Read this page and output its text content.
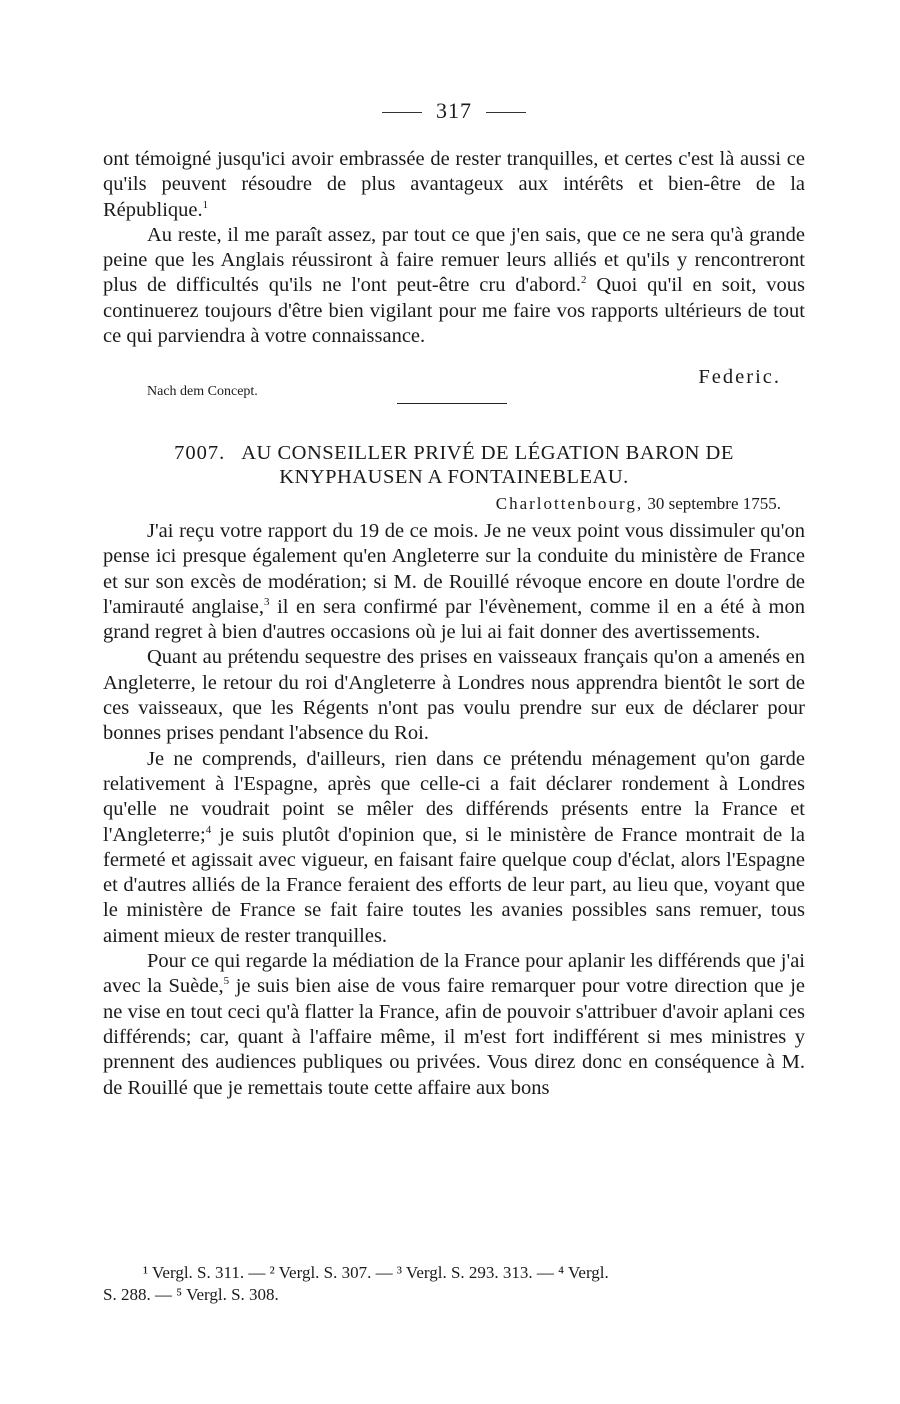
317

ont témoigné jusqu'ici avoir embrassée de rester tranquilles, et certes c'est là aussi ce qu'ils peuvent résoudre de plus avantageux aux intérêts et bien-être de la République.$^1$

Au reste, il me paraît assez, par tout ce que j'en sais, que ce ne sera qu'à grande peine que les Anglais réussiront à faire remuer leurs alliés et qu'ils y rencontreront plus de difficultés qu'ils ne l'ont peut-être cru d'abord.$^2$ Quoi qu'il en soit, vous continuerez toujours d'être bien vigilant pour me faire vos rapports ultérieurs de tout ce qui parviendra à votre connaissance.

Federic.
Nach dem Concept.
7007. AU CONSEILLER PRIVÉ DE LÉGATION BARON DE
KNYPHAUSEN A FONTAINEBLEAU.
Charlottenbourg, 30 septembre 1755.

J'ai reçu votre rapport du 19 de ce mois. Je ne veux point vous dissimuler qu'on pense ici presque également qu'en Angleterre sur la conduite du ministère de France et sur son excès de modération; si M. de Rouillé révoque encore en doute l'ordre de l'amirauté anglaise,$^3$ il en sera confirmé par l'évènement, comme il en a été à mon grand regret à bien d'autres occasions où je lui ai fait donner des avertissements.

Quant au prétendu sequestre des prises en vaisseaux français qu'on a amenés en Angleterre, le retour du roi d'Angleterre à Londres nous apprendra bientôt le sort de ces vaisseaux, que les Régents n'ont pas voulu prendre sur eux de déclarer pour bonnes prises pendant l'absence du Roi.

Je ne comprends, d'ailleurs, rien dans ce prétendu ménagement qu'on garde relativement à l'Espagne, après que celle-ci a fait déclarer rondement à Londres qu'elle ne voudrait point se mêler des différends présents entre la France et l'Angleterre;$^4$ je suis plutôt d'opinion que, si le ministère de France montrait de la fermeté et agissait avec vigueur, en faisant faire quelque coup d'éclat, alors l'Espagne et d'autres alliés de la France feraient des efforts de leur part, au lieu que, voyant que le ministère de France se fait faire toutes les avanies possibles sans remuer, tous aiment mieux de rester tranquilles.

Pour ce qui regarde la médiation de la France pour aplanir les différends que j'ai avec la Suède,$^5$ je suis bien aise de vous faire remarquer pour votre direction que je ne vise en tout ceci qu'à flatter la France, afin de pouvoir s'attribuer d'avoir aplani ces différends; car, quant à l'affaire même, il m'est fort indifférent si mes ministres y prennent des audiences publiques ou privées. Vous direz donc en conséquence à M. de Rouillé que je remettais toute cette affaire aux bons

¹ Vergl. S. 311. — ² Vergl. S. 307. — ³ Vergl. S. 293. 313. — ⁴ Vergl.
S. 288. — ⁵ Vergl. S. 308.
